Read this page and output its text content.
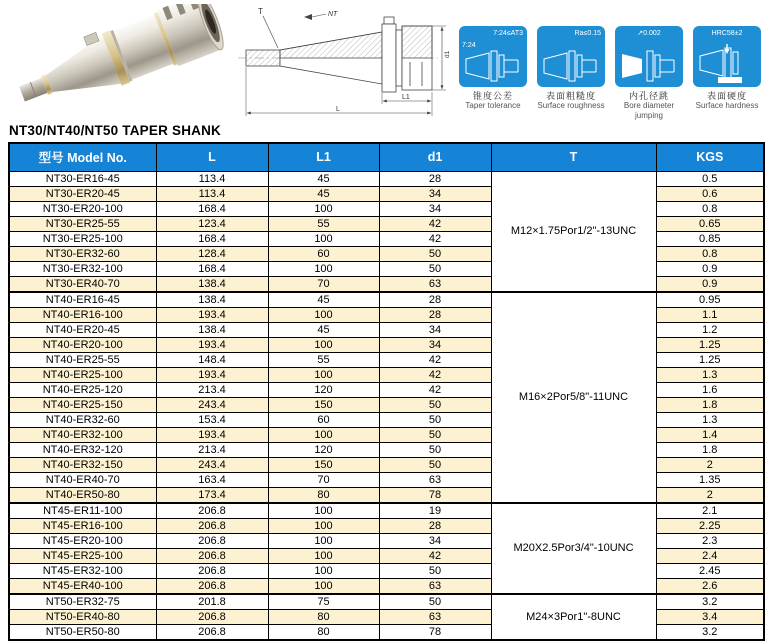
T	NT
L1
L
d1
7:24≤AT3
7:24
锥度公差
Taper tolerance
Ra≤0.15
表面粗糙度
Surface roughness
↗0.002
内孔径跳
Bore diameter jumping
HRC58±2
表面硬度
Surface hardness
NT30/NT40/NT50 TAPER SHANK
型号 Model No.	L	L1	d1	T	KGS
NT30-ER16-45	113.4	45	28	M12×1.75Por1/2"-13UNC	0.5
NT30-ER20-45	113.4	45	34		0.6
NT30-ER20-100	168.4	100	34		0.8
NT30-ER25-55	123.4	55	42		0.65
NT30-ER25-100	168.4	100	42		0.85
NT30-ER32-60	128.4	60	50		0.8
NT30-ER32-100	168.4	100	50		0.9
NT30-ER40-70	138.4	70	63		0.9
NT40-ER16-45	138.4	45	28	M16×2Por5/8"-11UNC	0.95
NT40-ER16-100	193.4	100	28		1.1
NT40-ER20-45	138.4	45	34		1.2
NT40-ER20-100	193.4	100	34		1.25
NT40-ER25-55	148.4	55	42		1.25
NT40-ER25-100	193.4	100	42		1.3
NT40-ER25-120	213.4	120	42		1.6
NT40-ER25-150	243.4	150	50		1.8
NT40-ER32-60	153.4	60	50		1.3
NT40-ER32-100	193.4	100	50		1.4
NT40-ER32-120	213.4	120	50		1.8
NT40-ER32-150	243.4	150	50		2
NT40-ER40-70	163.4	70	63		1.35
NT40-ER50-80	173.4	80	78		2
NT45-ER11-100	206.8	100	19	M20X2.5Por3/4"-10UNC	2.1
NT45-ER16-100	206.8	100	28		2.25
NT45-ER20-100	206.8	100	34		2.3
NT45-ER25-100	206.8	100	42		2.4
NT45-ER32-100	206.8	100	50		2.45
NT45-ER40-100	206.8	100	63		2.6
NT50-ER32-75	201.8	75	50	M24×3Por1"-8UNC	3.2
NT50-ER40-80	206.8	80	63		3.4
NT50-ER50-80	206.8	80	78		3.2
